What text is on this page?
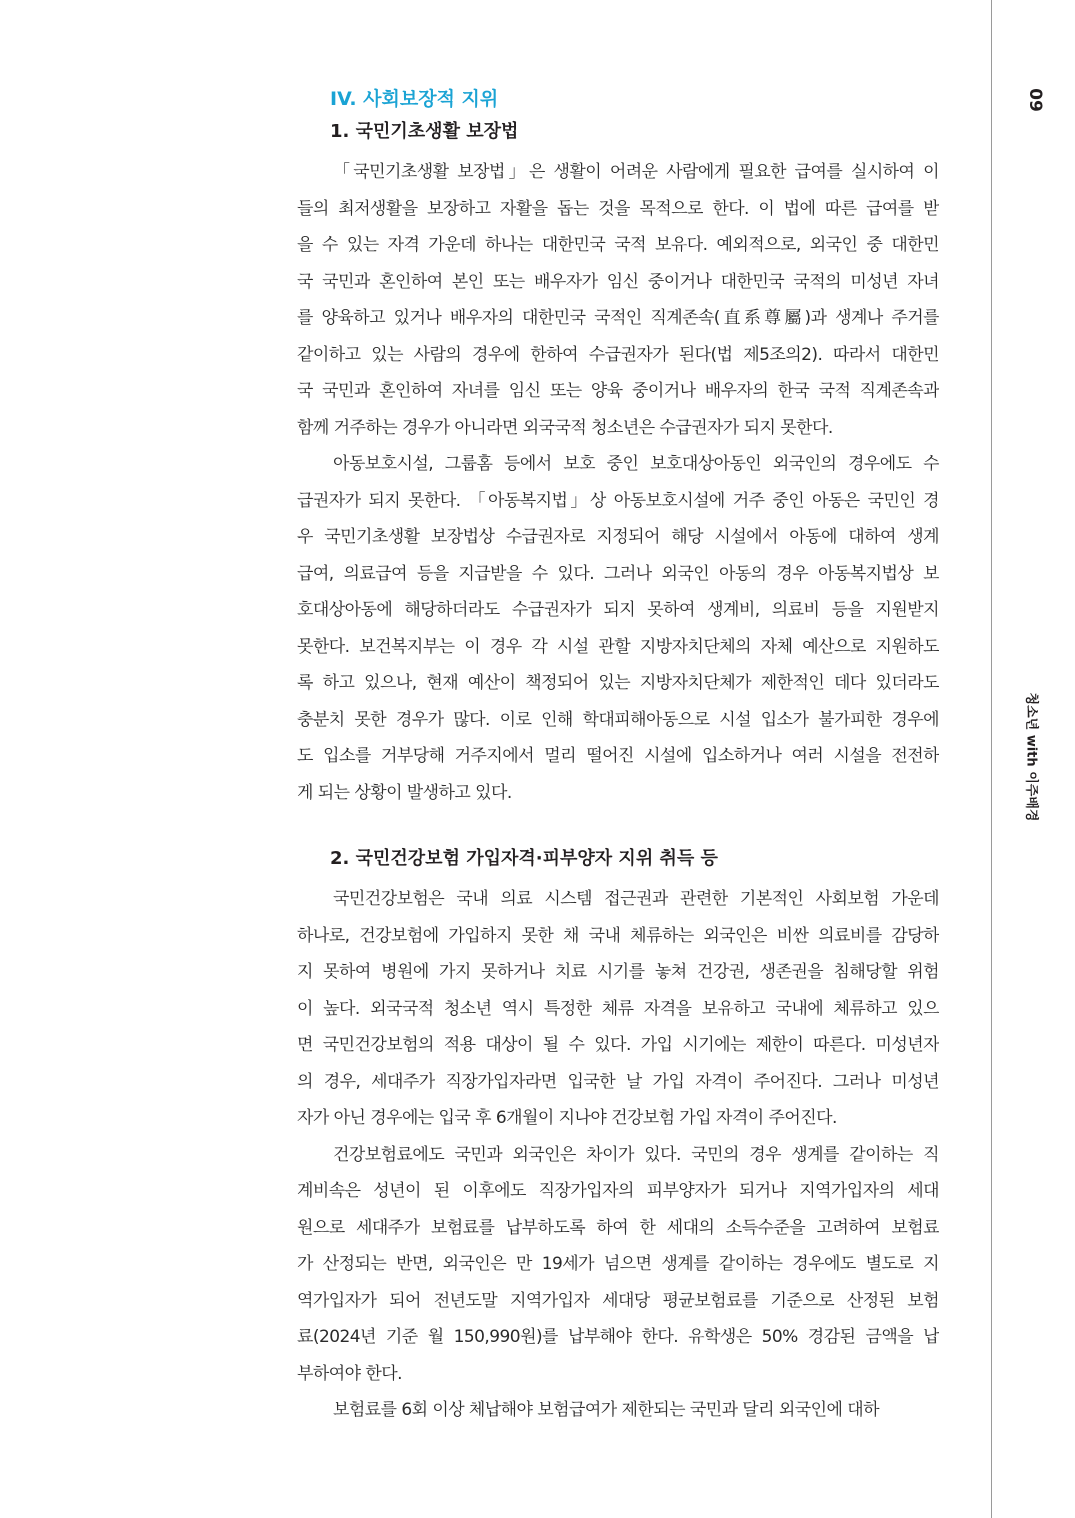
09
청소년 with 이주배경
IV. 사회보장적 지위
1. 국민기초생활 보장법
「국민기초생활 보장법」은 생활이 어려운 사람에게 필요한 급여를 실시하여 이
들의 최저생활을 보장하고 자활을 돕는 것을 목적으로 한다. 이 법에 따른 급여를 받
을 수 있는 자격 가운데 하나는 대한민국 국적 보유다. 예외적으로, 외국인 중 대한민
국 국민과 혼인하여 본인 또는 배우자가 임신 중이거나 대한민국 국적의 미성년 자녀
를 양육하고 있거나 배우자의 대한민국 국적인 직계존속(直系尊屬)과 생계나 주거를
같이하고 있는 사람의 경우에 한하여 수급권자가 된다(법 제5조의2). 따라서 대한민
국 국민과 혼인하여 자녀를 임신 또는 양육 중이거나 배우자의 한국 국적 직계존속과
함께 거주하는 경우가 아니라면 외국국적 청소년은 수급권자가 되지 못한다.
아동보호시설, 그룹홈 등에서 보호 중인 보호대상아동인 외국인의 경우에도 수
급권자가 되지 못한다. 「아동복지법」상 아동보호시설에 거주 중인 아동은 국민인 경
우 국민기초생활 보장법상 수급권자로 지정되어 해당 시설에서 아동에 대하여 생계
급여, 의료급여 등을 지급받을 수 있다. 그러나 외국인 아동의 경우 아동복지법상 보
호대상아동에 해당하더라도 수급권자가 되지 못하여 생계비, 의료비 등을 지원받지
못한다. 보건복지부는 이 경우 각 시설 관할 지방자치단체의 자체 예산으로 지원하도
록 하고 있으나, 현재 예산이 책정되어 있는 지방자치단체가 제한적인 데다 있더라도
충분치 못한 경우가 많다. 이로 인해 학대피해아동으로 시설 입소가 불가피한 경우에
도 입소를 거부당해 거주지에서 멀리 떨어진 시설에 입소하거나 여러 시설을 전전하
게 되는 상황이 발생하고 있다.
2. 국민건강보험 가입자격·피부양자 지위 취득 등
국민건강보험은 국내 의료 시스템 접근권과 관련한 기본적인 사회보험 가운데
하나로, 건강보험에 가입하지 못한 채 국내 체류하는 외국인은 비싼 의료비를 감당하
지 못하여 병원에 가지 못하거나 치료 시기를 놓쳐 건강권, 생존권을 침해당할 위험
이 높다. 외국국적 청소년 역시 특정한 체류 자격을 보유하고 국내에 체류하고 있으
면 국민건강보험의 적용 대상이 될 수 있다. 가입 시기에는 제한이 따른다. 미성년자
의 경우, 세대주가 직장가입자라면 입국한 날 가입 자격이 주어진다. 그러나 미성년
자가 아닌 경우에는 입국 후 6개월이 지나야 건강보험 가입 자격이 주어진다.
건강보험료에도 국민과 외국인은 차이가 있다. 국민의 경우 생계를 같이하는 직
계비속은 성년이 된 이후에도 직장가입자의 피부양자가 되거나 지역가입자의 세대
원으로 세대주가 보험료를 납부하도록 하여 한 세대의 소득수준을 고려하여 보험료
가 산정되는 반면, 외국인은 만 19세가 넘으면 생계를 같이하는 경우에도 별도로 지
역가입자가 되어 전년도말 지역가입자 세대당 평균보험료를 기준으로 산정된 보험
료(2024년 기준 월 150,990원)를 납부해야 한다. 유학생은 50% 경감된 금액을 납
부하여야 한다.
보험료를 6회 이상 체납해야 보험급여가 제한되는 국민과 달리 외국인에 대하
